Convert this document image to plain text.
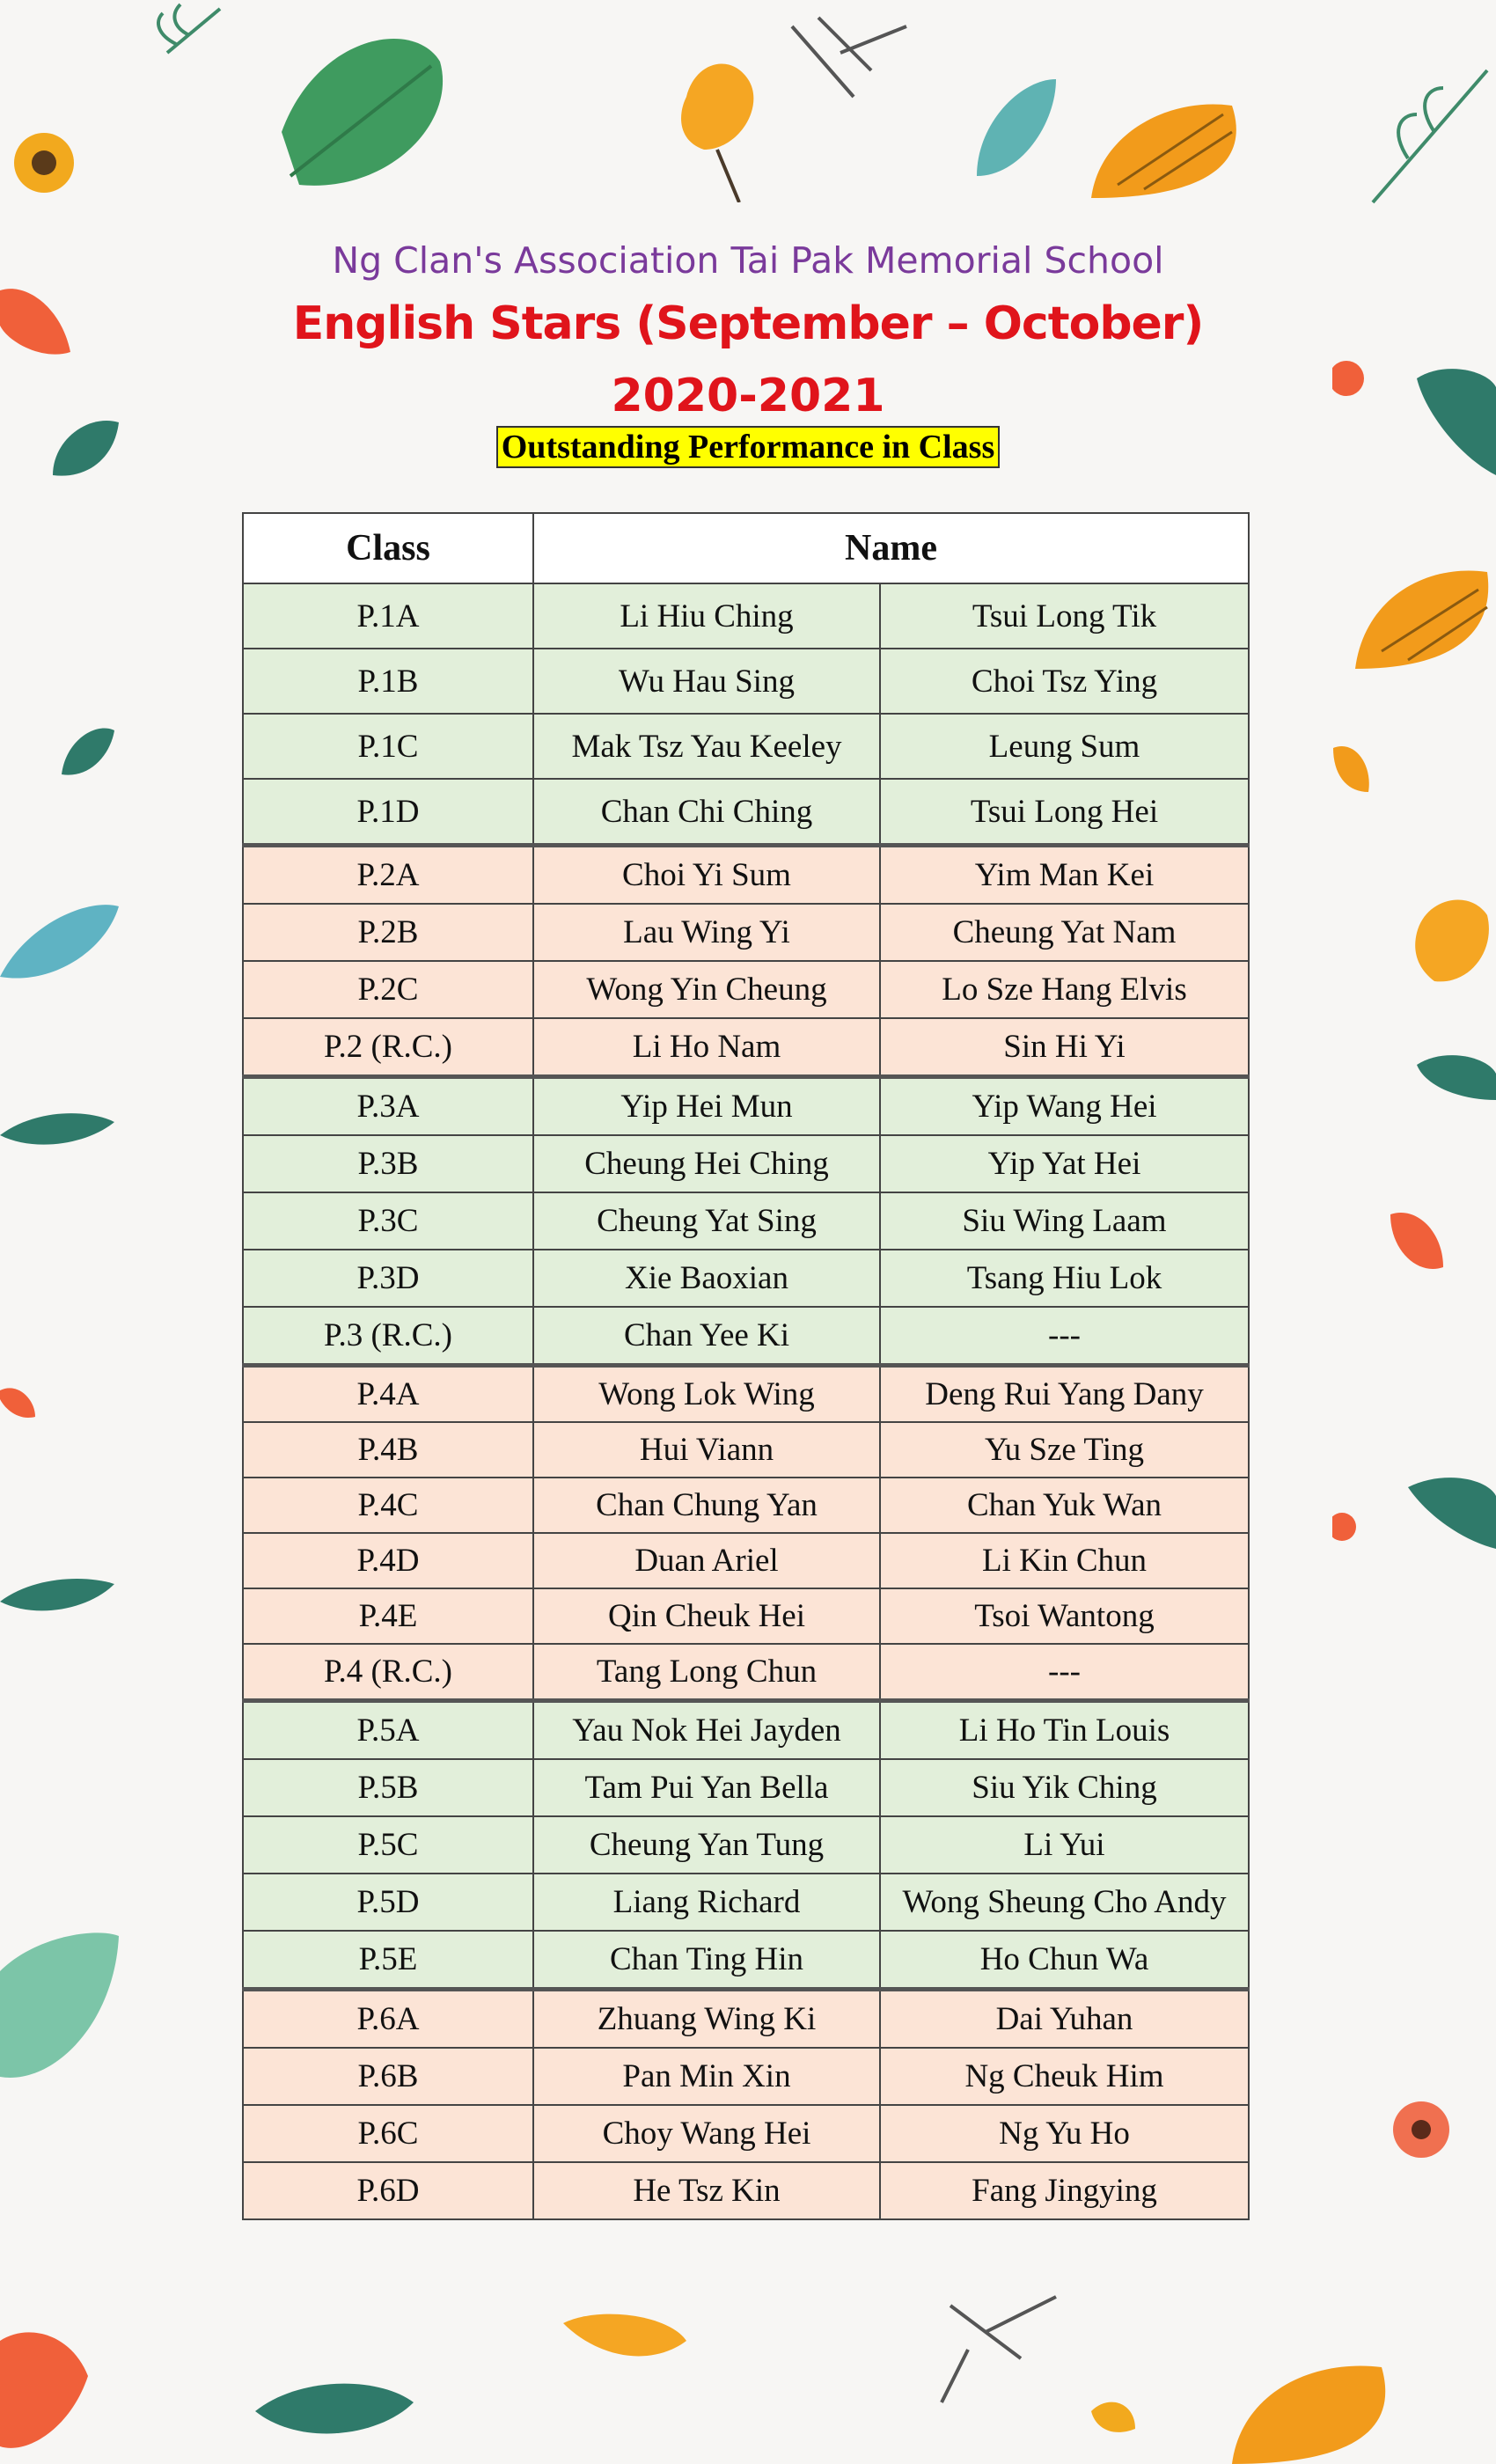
Ng Clan's Association Tai Pak Memorial School
English Stars (September – October)
2020-2021
Outstanding Performance in Class
Class	Name	
P.1A	Li Hiu Ching	Tsui Long Tik
P.1B	Wu Hau Sing	Choi Tsz Ying
P.1C	Mak Tsz Yau Keeley	Leung Sum
P.1D	Chan Chi Ching	Tsui Long Hei
P.2A	Choi Yi Sum	Yim Man Kei
P.2B	Lau Wing Yi	Cheung Yat Nam
P.2C	Wong Yin Cheung	Lo Sze Hang Elvis
P.2 (R.C.)	Li Ho Nam	Sin Hi Yi
P.3A	Yip Hei Mun	Yip Wang Hei
P.3B	Cheung Hei Ching	Yip Yat Hei
P.3C	Cheung Yat Sing	Siu Wing Laam
P.3D	Xie Baoxian	Tsang Hiu Lok
P.3 (R.C.)	Chan Yee Ki	---
P.4A	Wong Lok Wing	Deng Rui Yang Dany
P.4B	Hui Viann	Yu Sze Ting
P.4C	Chan Chung Yan	Chan Yuk Wan
P.4D	Duan Ariel	Li Kin Chun
P.4E	Qin Cheuk Hei	Tsoi Wantong
P.4 (R.C.)	Tang Long Chun	---
P.5A	Yau Nok Hei Jayden	Li Ho Tin Louis
P.5B	Tam Pui Yan Bella	Siu Yik Ching
P.5C	Cheung Yan Tung	Li Yui
P.5D	Liang Richard	Wong Sheung Cho Andy
P.5E	Chan Ting Hin	Ho Chun Wa
P.6A	Zhuang Wing Ki	Dai Yuhan
P.6B	Pan Min Xin	Ng Cheuk Him
P.6C	Choy Wang Hei	Ng Yu Ho
P.6D	He Tsz Kin	Fang Jingying
